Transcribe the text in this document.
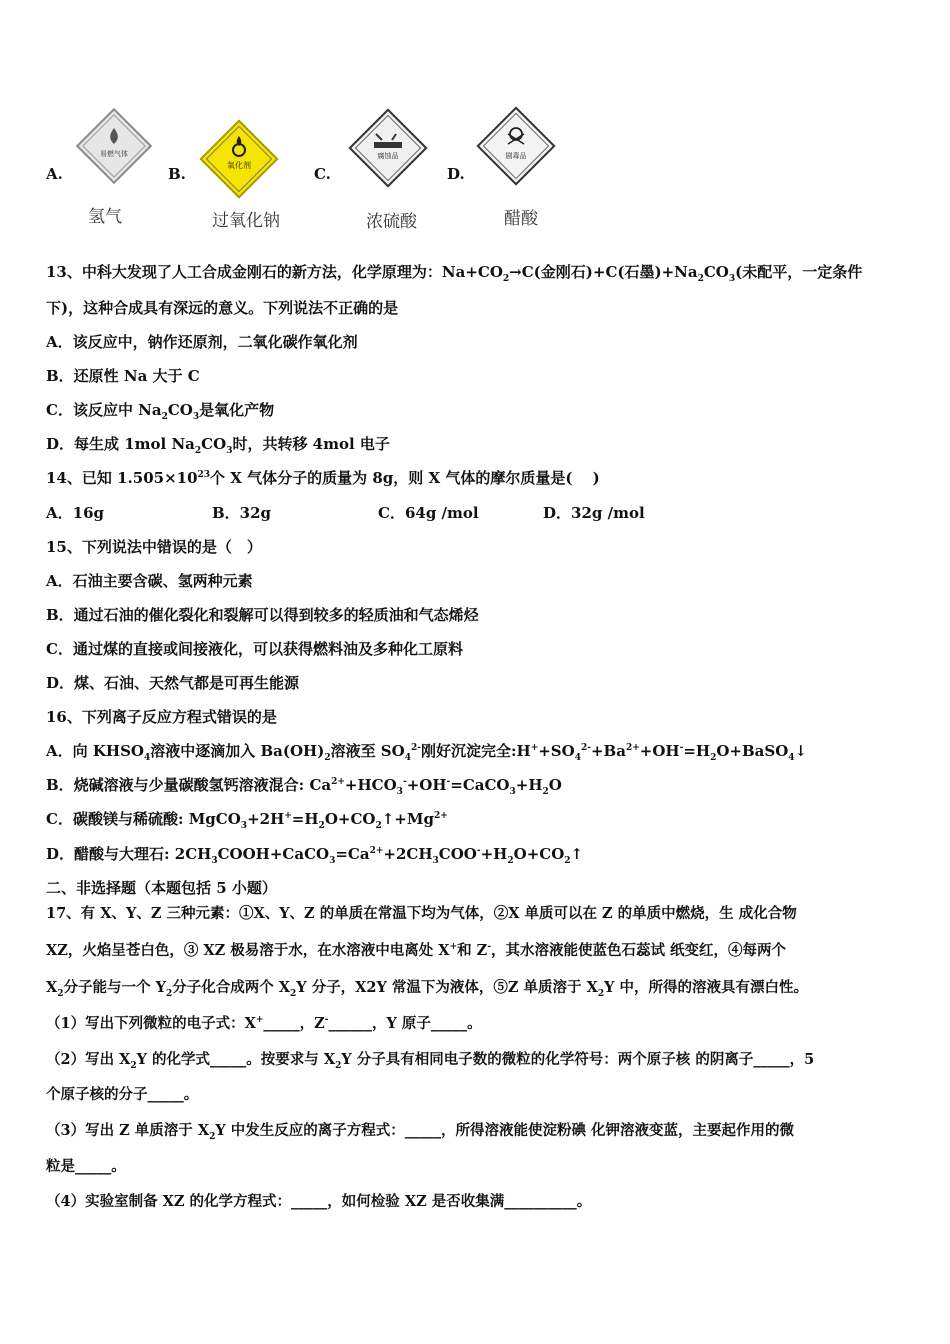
A.
易燃气体
氢气
B.	氧化剂
过氧化钠
C.
腐蚀品
浓硫酸
D.
剧毒品
醋酸
13、中科大发现了人工合成金刚石的新方法，化学原理为：$Na+CO_2\to C$(金刚石)+C(石墨)$+Na_2CO_3$(未配平，一定条件
下)，这种合成具有深远的意义。下列说法不正确的是
A．该反应中，钠作还原剂，二氧化碳作氧化剂
B．还原性 Na 大于 C
C．该反应中 $Na_2CO_3$是氧化产物
D．每生成 1mol $Na_2CO_3$时，共转移 4mol 电子
14、已知 $1.505\times 10^{23}$个 X 气体分子的质量为 8g，则 X 气体的摩尔质量是(　 )
A．16g	B．32g	C．64g /mol	D．32g /mol
15、下列说法中错误的是（　）
A．石油主要含碳、氢两种元素
B．通过石油的催化裂化和裂解可以得到较多的轻质油和气态烯烃
C．通过煤的直接或间接液化，可以获得燃料油及多种化工原料
D．煤、石油、天然气都是可再生能源
16、下列离子反应方程式错误的是
A．向 $KHSO_4$溶液中逐滴加入 $Ba(OH)_2$溶液至 $SO_4^{2-}$刚好沉淀完全$:H^++SO_4^{2-}+Ba^{2+}+OH^-=H_2O+BaSO_4↓$
B．烧碱溶液与少量碳酸氢钙溶液混合: $Ca^{2+}+HCO_3^-+OH^-=CaCO_3+H_2O$
C．碳酸镁与稀硫酸: $MgCO_3+2H^+=H_2O+CO_2↑+Mg^{2+}$
D．醋酸与大理石: $2CH_3COOH+CaCO_3=Ca^{2+}+2CH_3COO^-+H_2O+CO_2↑$
二、非选择题（本题包括 5 小题）
17、有 X、Y、Z 三种元素：①X、Y、Z 的单质在常温下均为气体，②X 单质可以在 Z 的单质中燃烧，生 成化合物
XZ，火焰呈苍白色，③ XZ 极易溶于水，在水溶液中电离处 X+和 Z-，其水溶液能使蓝色石蕊试 纸变红，④每两个
$X_2$分子能与一个 $Y_2$分子化合成两个 $X_2Y$ 分子，X2Y 常温下为液体，⑤Z 单质溶于 $X_2Y$ 中，所得的溶液具有漂白性。
（1）写出下列微粒的电子式：X+_____，Z-______，Y 原子_____。
（2）写出 $X_2Y$ 的化学式_____。按要求与 $X_2Y$ 分子具有相同电子数的微粒的化学符号：两个原子核 的阴离子_____，5
个原子核的分子_____。
（3）写出 Z 单质溶于 $X_2Y$ 中发生反应的离子方程式：_____，所得溶液能使淀粉碘 化钾溶液变蓝，主要起作用的微
粒是_____。
（4）实验室制备 XZ 的化学方程式：_____，如何检验 XZ 是否收集满__________。
